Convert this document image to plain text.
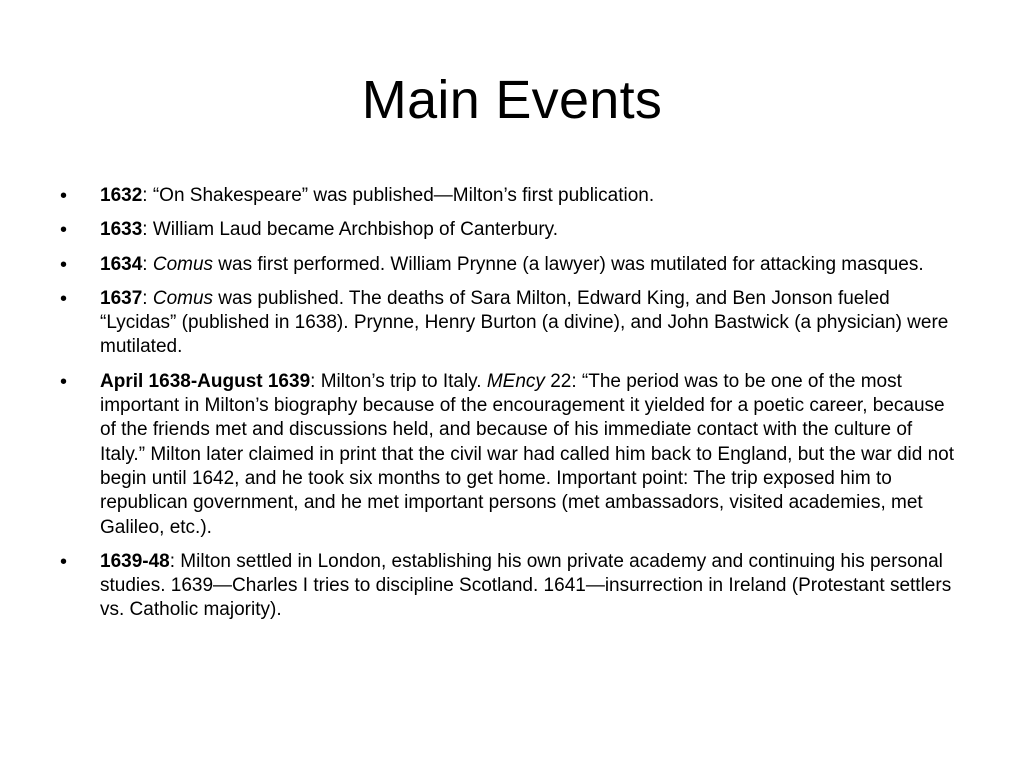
Main Events
• 1632: “On Shakespeare” was published—Milton’s first publication.
• 1633: William Laud became Archbishop of Canterbury.
• 1634: Comus was first performed. William Prynne (a lawyer) was mutilated for attacking masques.
• 1637: Comus was published. The deaths of Sara Milton, Edward King, and Ben Jonson fueled “Lycidas” (published in 1638). Prynne, Henry Burton (a divine), and John Bastwick (a physician) were mutilated.
• April 1638-August 1639: Milton’s trip to Italy. MEncy 22: “The period was to be one of the most important in Milton’s biography because of the encouragement it yielded for a poetic career, because of the friends met and discussions held, and because of his immediate contact with the culture of Italy.” Milton later claimed in print that the civil war had called him back to England, but the war did not begin until 1642, and he took six months to get home. Important point: The trip exposed him to republican government, and he met important persons (met ambassadors, visited academies, met Galileo, etc.).
• 1639-48: Milton settled in London, establishing his own private academy and continuing his personal studies. 1639—Charles I tries to discipline Scotland. 1641—insurrection in Ireland (Protestant settlers vs. Catholic majority).
